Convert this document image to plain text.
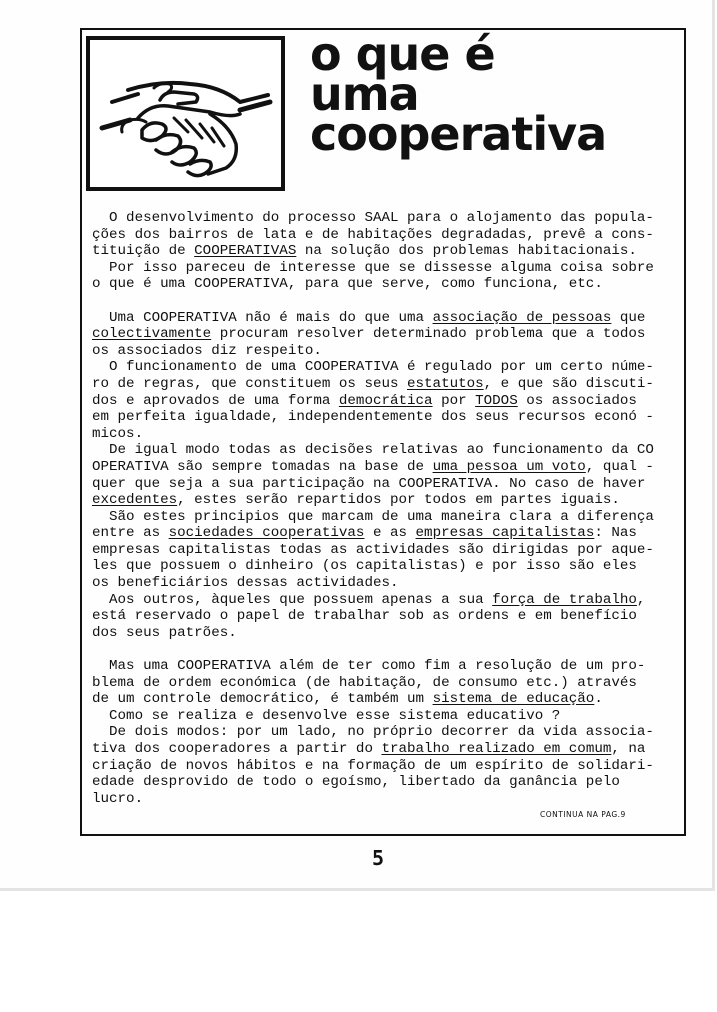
o que é
uma
cooperativa

O desenvolvimento do processo SAAL para o alojamento das popula-

ções dos bairros de lata e de habitações degradadas, prevê a cons-

tituição de COOPERATIVAS na solução dos problemas habitacionais.

Por isso pareceu de interesse que se dissesse alguma coisa sobre

o que é uma COOPERATIVA, para que serve, como funciona, etc.

Uma COOPERATIVA não é mais do que uma associação de pessoas que

colectivamente procuram resolver determinado problema que a todos

os associados diz respeito.

O funcionamento de uma COOPERATIVA é regulado por um certo núme-

ro de regras, que constituem os seus estatutos, e que são discuti-

dos e aprovados de uma forma democrática por TODOS os associados

em perfeita igualdade, independentemente dos seus recursos econó -

micos.

De igual modo todas as decisões relativas ao funcionamento da CO

OPERATIVA são sempre tomadas na base de uma pessoa um voto, qual -

quer que seja a sua participação na COOPERATIVA. No caso de haver

excedentes, estes serão repartidos por todos em partes iguais.

São estes principios que marcam de uma maneira clara a diferença

entre as sociedades cooperativas e as empresas capitalistas: Nas

empresas capitalistas todas as actividades são dirigidas por aque-

les que possuem o dinheiro (os capitalistas) e por isso são eles

os beneficiários dessas actividades.

Aos outros, àqueles que possuem apenas a sua força de trabalho,

está reservado o papel de trabalhar sob as ordens e em benefício

dos seus patrões.

Mas uma COOPERATIVA além de ter como fim a resolução de um pro-

blema de ordem económica (de habitação, de consumo etc.) através

de um controle democrático, é também um sistema de educação.

Como se realiza e desenvolve esse sistema educativo ?

De dois modos: por um lado, no próprio decorrer da vida associa-

tiva dos cooperadores a partir do trabalho realizado em comum, na

criação de novos hábitos e na formação de um espírito de solidari-

edade desprovido de todo o egoísmo, libertado da ganância pelo

lucro.

CONTINUA NA PAG.9
5
